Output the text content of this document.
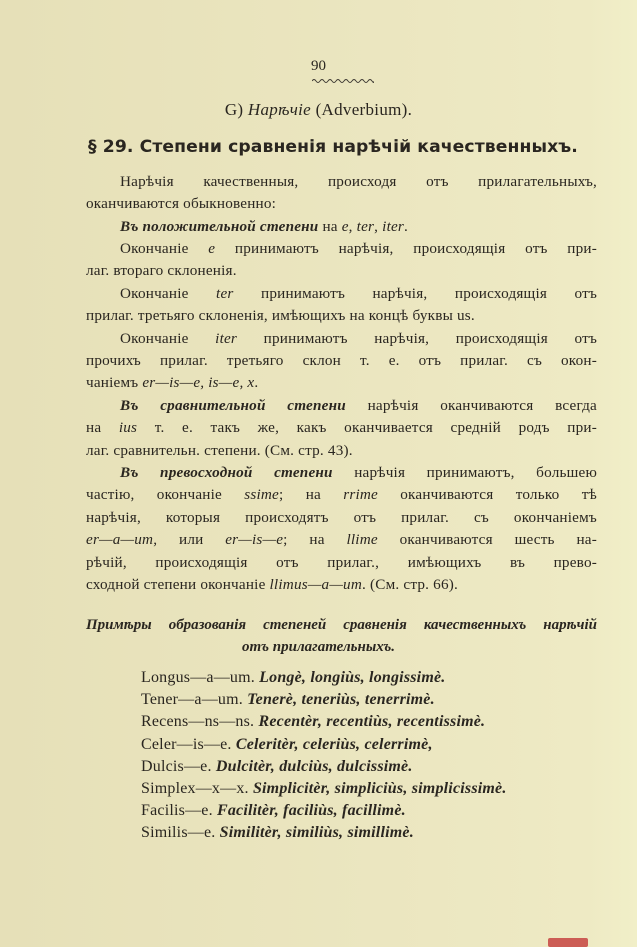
90
G) Нарѣчіе (Adverbium).
§ 29. Степени сравненія нарѣчій качественныхъ.
Нарѣчія качественныя, происходя отъ прилагательныхъ,
оканчиваются обыкновенно:
Въ положительной степени на e, ter, iter.
Окончаніе e принимаютъ нарѣчія, происходящія отъ при-
лаг. втораго склоненія.
Окончаніе ter принимаютъ нарѣчія, происходящія отъ
прилаг. третьяго склоненія, имѣющихъ на концѣ буквы us.
Окончаніе iter принимаютъ нарѣчія, происходящія отъ
прочихъ прилаг. третьяго склон т. е. отъ прилаг. съ окон-
чаніемъ er—is—e, is—e, x.
Въ сравнительной степени нарѣчія оканчиваются всегда
на ius т. е. такъ же, какъ оканчивается средній родъ при-
лаг. сравнительн. степени. (См. стр. 43).
Въ превосходной степени нарѣчія принимаютъ, большею
частію, окончаніе ssime; на rrime оканчиваются только тѣ
нарѣчія, которыя происходятъ отъ прилаг. съ окончаніемъ
er—a—um, или er—is—e; на llime оканчиваются шесть на-
рѣчій, происходящія отъ прилаг., имѣющихъ въ прево-
сходной степени окончаніе llimus—a—um. (См. стр. 66).
Примѣры образованія степеней сравненія качественныхъ нарѣчій
отъ прилагательныхъ.
Longus—a—um. Longè, longiùs, longissimè.
Tener—a—um. Tenerè, teneriùs, tenerrimè.
Recens—ns—ns. Recentèr, recentiùs, recentissimè.
Celer—is—e. Celeritèr, celeriùs, celerrimè,
Dulcis—e. Dulcitèr, dulciùs, dulcissimè.
Simplex—x—x. Simplicitèr, simpliciùs, simplicissimè.
Facilis—e. Facilitèr, faciliùs, facillimè.
Similis—e. Similitèr, similiùs, simillimè.
